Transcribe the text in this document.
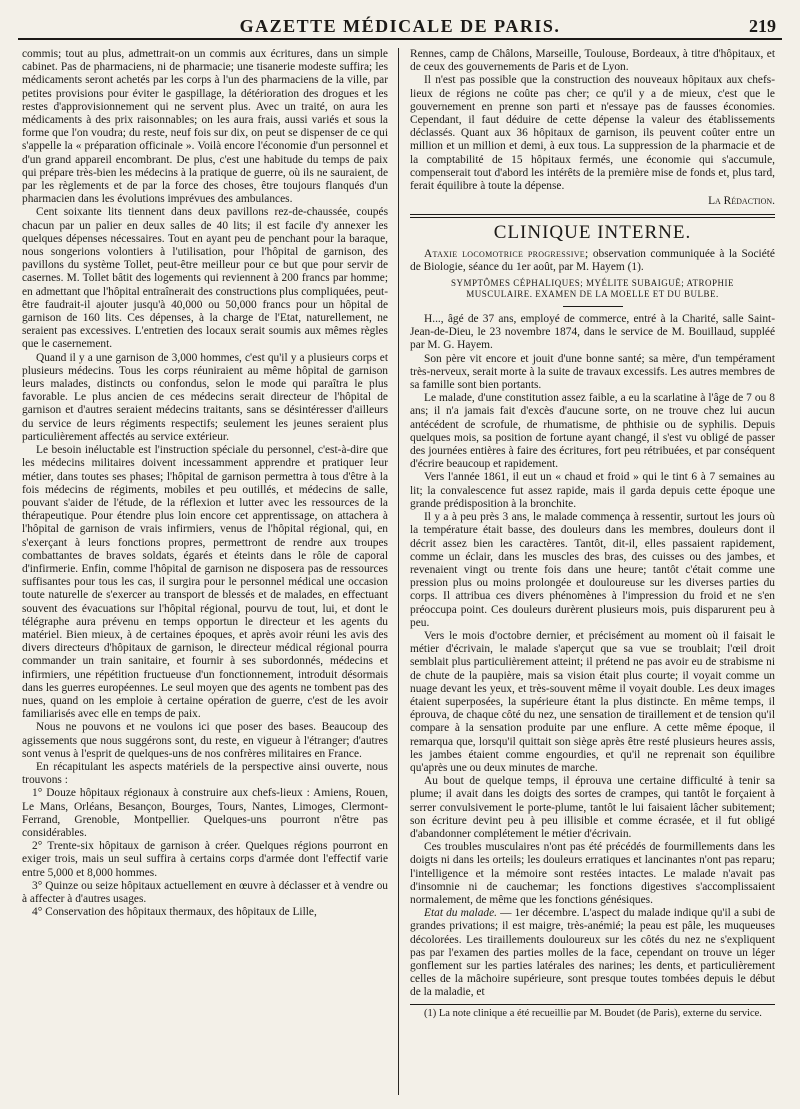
GAZETTE MÉDICALE DE PARIS.	219

commis; tout au plus, admettrait-on un commis aux écritures, dans un simple cabinet. Pas de pharmaciens, ni de pharmacie; une tisanerie modeste suffira; les médicaments seront achetés par les corps à l'un des pharmaciens de la ville, par petites provisions pour éviter le gaspillage, la détérioration des drogues et les restes d'approvisionnement qui ne servent plus. Avec un traité, on aura les médicaments à des prix raisonnables; on les aura frais, aussi variés et sous la forme que l'on voudra; du reste, neuf fois sur dix, on peut se dispenser de ce qui s'appelle la « préparation officinale ». Voilà encore l'économie d'un personnel et d'un grand appareil encombrant. De plus, c'est une habitude du temps de paix qui prépare très-bien les médecins à la pratique de guerre, où ils ne sauraient, de par les règlements et de par la force des choses, être toujours flanqués d'un pharmacien dans les évolutions imprévues des ambulances.

Cent soixante lits tiennent dans deux pavillons rez-de-chaussée, coupés chacun par un palier en deux salles de 40 lits; il est facile d'y annexer les quelques dépenses nécessaires. Tout en ayant peu de penchant pour la baraque, nous songerions volontiers à l'utilisation, pour l'hôpital de garnison, des pavillons du système Tollet, peut-être meilleur pour ce but que pour servir de casernes. M. Tollet bâtit des logements qui reviennent à 200 francs par homme; en admettant que l'hôpital entraînerait des constructions plus compliquées, peut-être faudrait-il ajouter jusqu'à 40,000 ou 50,000 francs pour un hôpital de garnison de 160 lits. Ces dépenses, à la charge de l'Etat, naturellement, ne seraient pas excessives. L'entretien des locaux serait soumis aux mêmes règles que le casernement.

Quand il y a une garnison de 3,000 hommes, c'est qu'il y a plusieurs corps et plusieurs médecins. Tous les corps réuniraient au même hôpital de garnison leurs malades, distincts ou confondus, selon le mode qui paraîtra le plus favorable. Le plus ancien de ces médecins serait directeur de l'hôpital de garnison et d'autres seraient médecins traitants, sans se désintéresser d'ailleurs du service de leurs régiments respectifs; seulement les jeunes seraient plus particulièrement affectés au service extérieur.

Le besoin inéluctable est l'instruction spéciale du personnel, c'est-à-dire que les médecins militaires doivent incessamment apprendre et pratiquer leur métier, dans toutes ses phases; l'hôpital de garnison permettra à tous d'être à la fois médecins de régiments, mobiles et peu outillés, et médecins de salle, pouvant s'aider de l'étude, de la réflexion et lutter avec les ressources de la thérapeutique. Pour étendre plus loin encore cet apprentissage, on attachera à l'hôpital de garnison de vrais infirmiers, venus de l'hôpital régional, qui, en s'exerçant à leurs fonctions propres, permettront de rendre aux troupes combattantes de braves soldats, égarés et éteints dans le rôle de caporal d'infirmerie. Enfin, comme l'hôpital de garnison ne disposera pas de ressources suffisantes pour tous les cas, il surgira pour le personnel médical une occasion toute naturelle de s'exercer au transport de blessés et de malades, en effectuant souvent des évacuations sur l'hôpital régional, pourvu de tout, lui, et dont le télégraphe aura prévenu en temps opportun le directeur et les agents du matériel. Bien mieux, à de certaines époques, et après avoir réuni les avis des divers directeurs d'hôpitaux de garnison, le directeur médical régional pourra commander un train sanitaire, et fournir à ses subordonnés, médecins et infirmiers, une répétition fructueuse d'un fonctionnement, introduit désormais dans les guerres européennes. Le seul moyen que des agents ne tombent pas des nues, quand on les emploie à certaine opération de guerre, c'est de les avoir familiarisés avec elle en temps de paix.

Nous ne pouvons et ne voulons ici que poser des bases. Beaucoup des agissements que nous suggérons sont, du reste, en vigueur à l'étranger; d'autres sont venus à l'esprit de quelques-uns de nos confrères militaires en France.

En récapitulant les aspects matériels de la perspective ainsi ouverte, nous trouvons :

1° Douze hôpitaux régionaux à construire aux chefs-lieux : Amiens, Rouen, Le Mans, Orléans, Besançon, Bourges, Tours, Nantes, Limoges, Clermont-Ferrand, Grenoble, Montpellier. Quelques-uns pourront n'être pas considérables.

2° Trente-six hôpitaux de garnison à créer. Quelques régions pourront en exiger trois, mais un seul suffira à certains corps d'armée dont l'effectif varie entre 5,000 et 8,000 hommes.

3° Quinze ou seize hôpitaux actuellement en œuvre à déclasser et à vendre ou à affecter à d'autres usages.

4° Conservation des hôpitaux thermaux, des hôpitaux de Lille,

Rennes, camp de Châlons, Marseille, Toulouse, Bordeaux, à titre d'hôpitaux, et de ceux des gouvernements de Paris et de Lyon.

Il n'est pas possible que la construction des nouveaux hôpitaux aux chefs-lieux de régions ne coûte pas cher; ce qu'il y a de mieux, c'est que le gouvernement en prenne son parti et n'essaye pas de fausses économies. Cependant, il faut déduire de cette dépense la valeur des établissements déclassés. Quant aux 36 hôpitaux de garnison, ils peuvent coûter entre un million et un million et demi, à eux tous. La suppression de la pharmacie et de la comptabilité de 15 hôpitaux fermés, une économie qui s'accumule, compenserait tout d'abord les intérêts de la première mise de fonds et, plus tard, ferait équilibre à toute la dépense.

La Rédaction.
CLINIQUE INTERNE.

Ataxie locomotrice progressive; observation communiquée à la Société de Biologie, séance du 1er août, par M. Hayem (1).

SYMPTÔMES CÉPHALIQUES; MYÉLITE SUBAIGUË; ATROPHIE MUSCULAIRE. EXAMEN DE LA MOELLE ET DU BULBE.

H..., âgé de 37 ans, employé de commerce, entré à la Charité, salle Saint-Jean-de-Dieu, le 23 novembre 1874, dans le service de M. Bouillaud, suppléé par M. G. Hayem.

Son père vit encore et jouit d'une bonne santé; sa mère, d'un tempérament très-nerveux, serait morte à la suite de travaux excessifs. Les autres membres de sa famille sont bien portants.

Le malade, d'une constitution assez faible, a eu la scarlatine à l'âge de 7 ou 8 ans; il n'a jamais fait d'excès d'aucune sorte, on ne trouve chez lui aucun antécédent de scrofule, de rhumatisme, de phthisie ou de syphilis. Depuis quelques mois, sa position de fortune ayant changé, il s'est vu obligé de passer des journées entières à faire des écritures, fort peu rétribuées, et par conséquent d'écrire beaucoup et rapidement.

Vers l'année 1861, il eut un « chaud et froid » qui le tint 6 à 7 semaines au lit; la convalescence fut assez rapide, mais il garda depuis cette époque une grande prédisposition à la bronchite.

Il y a à peu près 3 ans, le malade commença à ressentir, surtout les jours où la température était basse, des douleurs dans les membres, douleurs dont il décrit assez bien les caractères. Tantôt, dit-il, elles passaient rapidement, comme un éclair, dans les muscles des bras, des cuisses ou des jambes, et revenaient vingt ou trente fois dans une heure; tantôt c'était comme une pression plus ou moins prolongée et douloureuse sur les diverses parties du corps. Il attribua ces divers phénomènes à l'impression du froid et ne s'en préoccupa point. Ces douleurs durèrent plusieurs mois, puis disparurent peu à peu.

Vers le mois d'octobre dernier, et précisément au moment où il faisait le métier d'écrivain, le malade s'aperçut que sa vue se troublait; l'œil droit semblait plus particulièrement atteint; il prétend ne pas avoir eu de strabisme ni de chute de la paupière, mais sa vision était plus courte; il voyait comme un nuage devant les yeux, et très-souvent même il voyait double. Les deux images étaient superposées, la supérieure étant la plus distincte. En même temps, il éprouva, de chaque côté du nez, une sensation de tiraillement et de tension qu'il compare à la sensation produite par une enflure. A cette même époque, il remarqua que, lorsqu'il quittait son siège après être resté plusieurs heures assis, les jambes étaient comme engourdies, et qu'il ne reprenait son équilibre qu'après une ou deux minutes de marche.

Au bout de quelque temps, il éprouva une certaine difficulté à tenir sa plume; il avait dans les doigts des sortes de crampes, qui tantôt le forçaient à serrer convulsivement le porte-plume, tantôt le lui faisaient lâcher subitement; son écriture devint peu à peu illisible et comme écrasée, et il fut obligé d'abandonner complétement le métier d'écrivain.

Ces troubles musculaires n'ont pas été précédés de fourmillements dans les doigts ni dans les orteils; les douleurs erratiques et lancinantes n'ont pas reparu; l'intelligence et la mémoire sont restées intactes. Le malade n'avait pas d'insomnie ni de cauchemar; les fonctions digestives s'accomplissaient normalement, de même que les fonctions génésiques.

Etat du malade. — 1er décembre. L'aspect du malade indique qu'il a subi de grandes privations; il est maigre, très-anémié; la peau est pâle, les muqueuses décolorées. Les tiraillements douloureux sur les côtés du nez ne s'expliquent pas par l'examen des parties molles de la face, cependant on trouve un léger gonflement sur les parties latérales des narines; les dents, et particulièrement celles de la mâchoire supérieure, sont presque toutes tombées depuis le début de la maladie, et

(1) La note clinique a été recueillie par M. Boudet (de Paris), externe du service.
